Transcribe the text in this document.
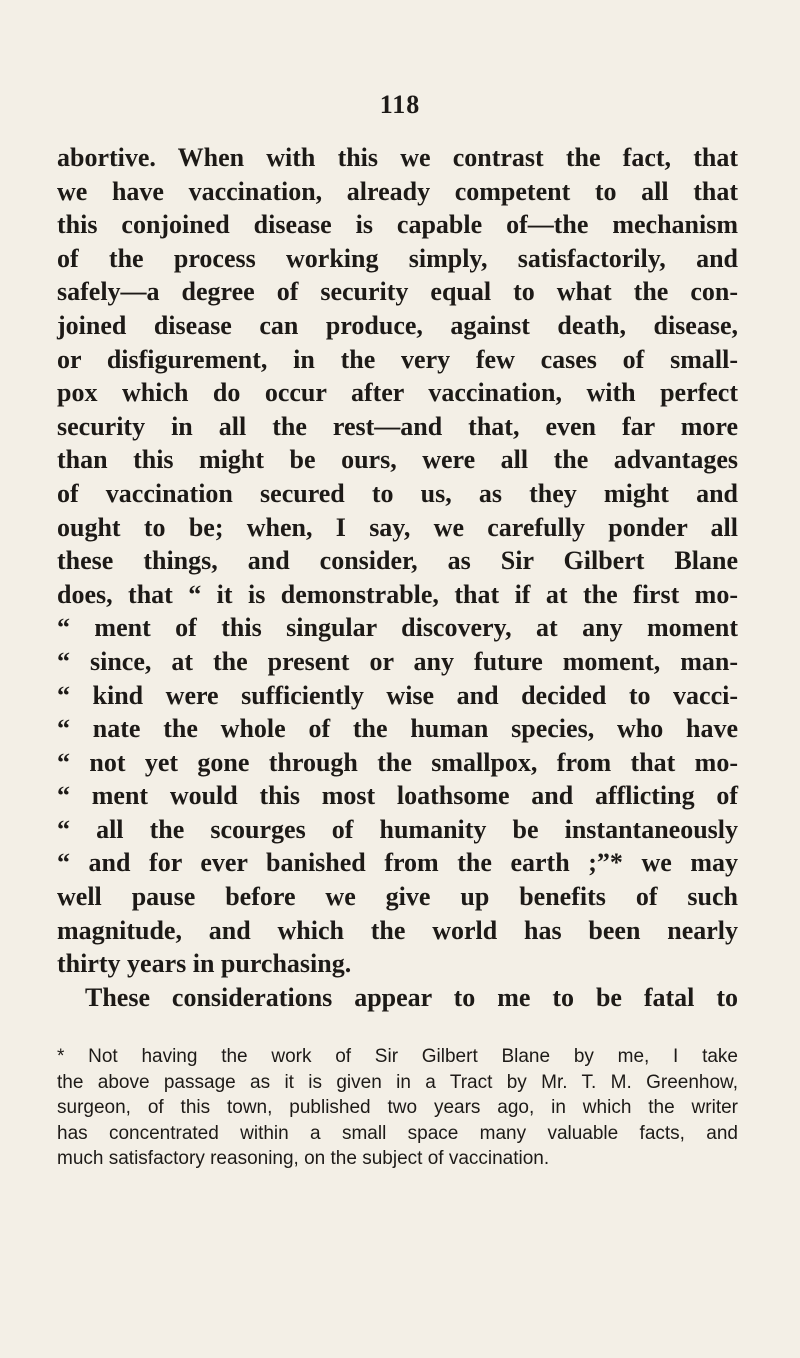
118
abortive. When with this we contrast the fact, that
we have vaccination, already competent to all that
this conjoined disease is capable of—the mechanism
of the process working simply, satisfactorily, and
safely—a degree of security equal to what the con-
joined disease can produce, against death, disease,
or disfigurement, in the very few cases of small-
pox which do occur after vaccination, with perfect
security in all the rest—and that, even far more
than this might be ours, were all the advantages
of vaccination secured to us, as they might and
ought to be; when, I say, we carefully ponder all
these things, and consider, as Sir Gilbert Blane
does, that “ it is demonstrable, that if at the first mo-
“ ment of this singular discovery, at any moment
“ since, at the present or any future moment, man-
“ kind were sufficiently wise and decided to vacci-
“ nate the whole of the human species, who have
“ not yet gone through the smallpox, from that mo-
“ ment would this most loathsome and afflicting of
“ all the scourges of humanity be instantaneously
“ and for ever banished from the earth ;”* we may
well pause before we give up benefits of such
magnitude, and which the world has been nearly
thirty years in purchasing.
These considerations appear to me to be fatal to
* Not having the work of Sir Gilbert Blane by me, I take
the above passage as it is given in a Tract by Mr. T. M. Greenhow,
surgeon, of this town, published two years ago, in which the writer
has concentrated within a small space many valuable facts, and
much satisfactory reasoning, on the subject of vaccination.
